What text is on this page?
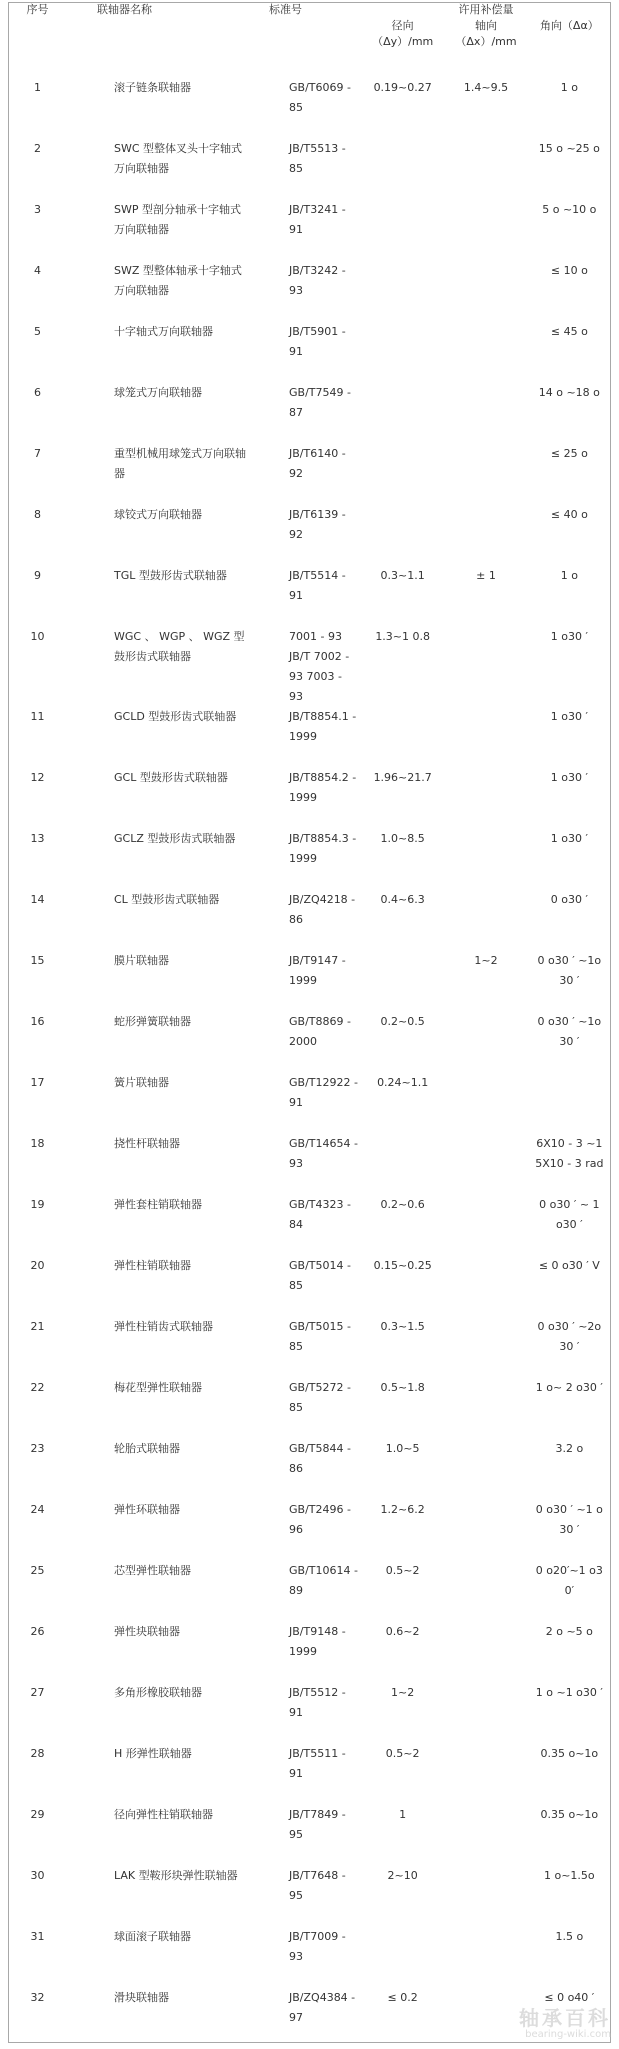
序号	联轴器名称	标准号	许用补偿量		
			径向（Δy）/mm	轴向（Δx）/mm	角向（Δα）
1	滚子链条联轴器	GB/T6069 - 85	0.19~0.27	1.4~9.5	1 o
2	SWC 型整体叉头十字轴式万向联轴器	JB/T5513 - 85			15 o ~25 o
3	SWP 型剖分轴承十字轴式万向联轴器	JB/T3241 - 91			5 o ~10 o
4	SWZ 型整体轴承十字轴式万向联轴器	JB/T3242 - 93			≤ 10 o
5	十字轴式万向联轴器	JB/T5901 - 91			≤ 45 o
6	球笼式万向联轴器	GB/T7549 - 87			14 o ~18 o
7	重型机械用球笼式万向联轴器	JB/T6140 - 92			≤ 25 o
8	球铰式万向联轴器	JB/T6139 - 92			≤ 40 o
9	TGL 型鼓形齿式联轴器	JB/T5514 - 91	0.3~1.1	± 1	1 o
10	WGC 、 WGP 、 WGZ 型鼓形齿式联轴器	7001 - 93 JB/T 7002 - 93 7003 - 93	1.3~1 0.8		1 o30 ′
11	GCLD 型鼓形齿式联轴器	JB/T8854.1 - 1999			1 o30 ′
12	GCL 型鼓形齿式联轴器	JB/T8854.2 - 1999	1.96~21.7		1 o30 ′
13	GCLZ 型鼓形齿式联轴器	JB/T8854.3 - 1999	1.0~8.5		1 o30 ′
14	CL 型鼓形齿式联轴器	JB/ZQ4218 - 86	0.4~6.3		0 o30 ′
15	膜片联轴器	JB/T9147 - 1999		1~2	0 o30 ′ ~1o 30 ′
16	蛇形弹簧联轴器	GB/T8869 - 2000	0.2~0.5		0 o30 ′ ~1o 30 ′
17	簧片联轴器	GB/T12922 - 91	0.24~1.1		
18	挠性杆联轴器	GB/T14654 - 93			6X10 - 3 ~1 5X10 - 3 rad
19	弹性套柱销联轴器	GB/T4323 - 84	0.2~0.6		0 o30 ′ ~ 1 o30 ′
20	弹性柱销联轴器	GB/T5014 - 85	0.15~0.25		≤ 0 o30 ′ V
21	弹性柱销齿式联轴器	GB/T5015 - 85	0.3~1.5		0 o30 ′ ~2o 30 ′
22	梅花型弹性联轴器	GB/T5272 - 85	0.5~1.8		1 o~ 2 o30 ′
23	轮胎式联轴器	GB/T5844 - 86	1.0~5		3.2 o
24	弹性环联轴器	GB/T2496 - 96	1.2~6.2		0 o30 ′ ~1 o 30 ′
25	芯型弹性联轴器	GB/T10614 - 89	0.5~2		0 o20′~1 o3 0′
26	弹性块联轴器	JB/T9148 - 1999	0.6~2		2 o ~5 o
27	多角形橡胶联轴器	JB/T5512 - 91	1~2		1 o ~1 o30 ′
28	H 形弹性联轴器	JB/T5511 - 91	0.5~2		0.35 o~1o
29	径向弹性柱销联轴器	JB/T7849 - 95	1		0.35 o~1o
30	LAK 型鞍形块弹性联轴器	JB/T7648 - 95	2~10		1 o~1.5o
31	球面滚子联轴器	JB/T7009 - 93			1.5 o
32	滑块联轴器	JB/ZQ4384 - 97	≤ 0.2		≤ 0 o40 ′
轴承百科
bearing-wiki.com
